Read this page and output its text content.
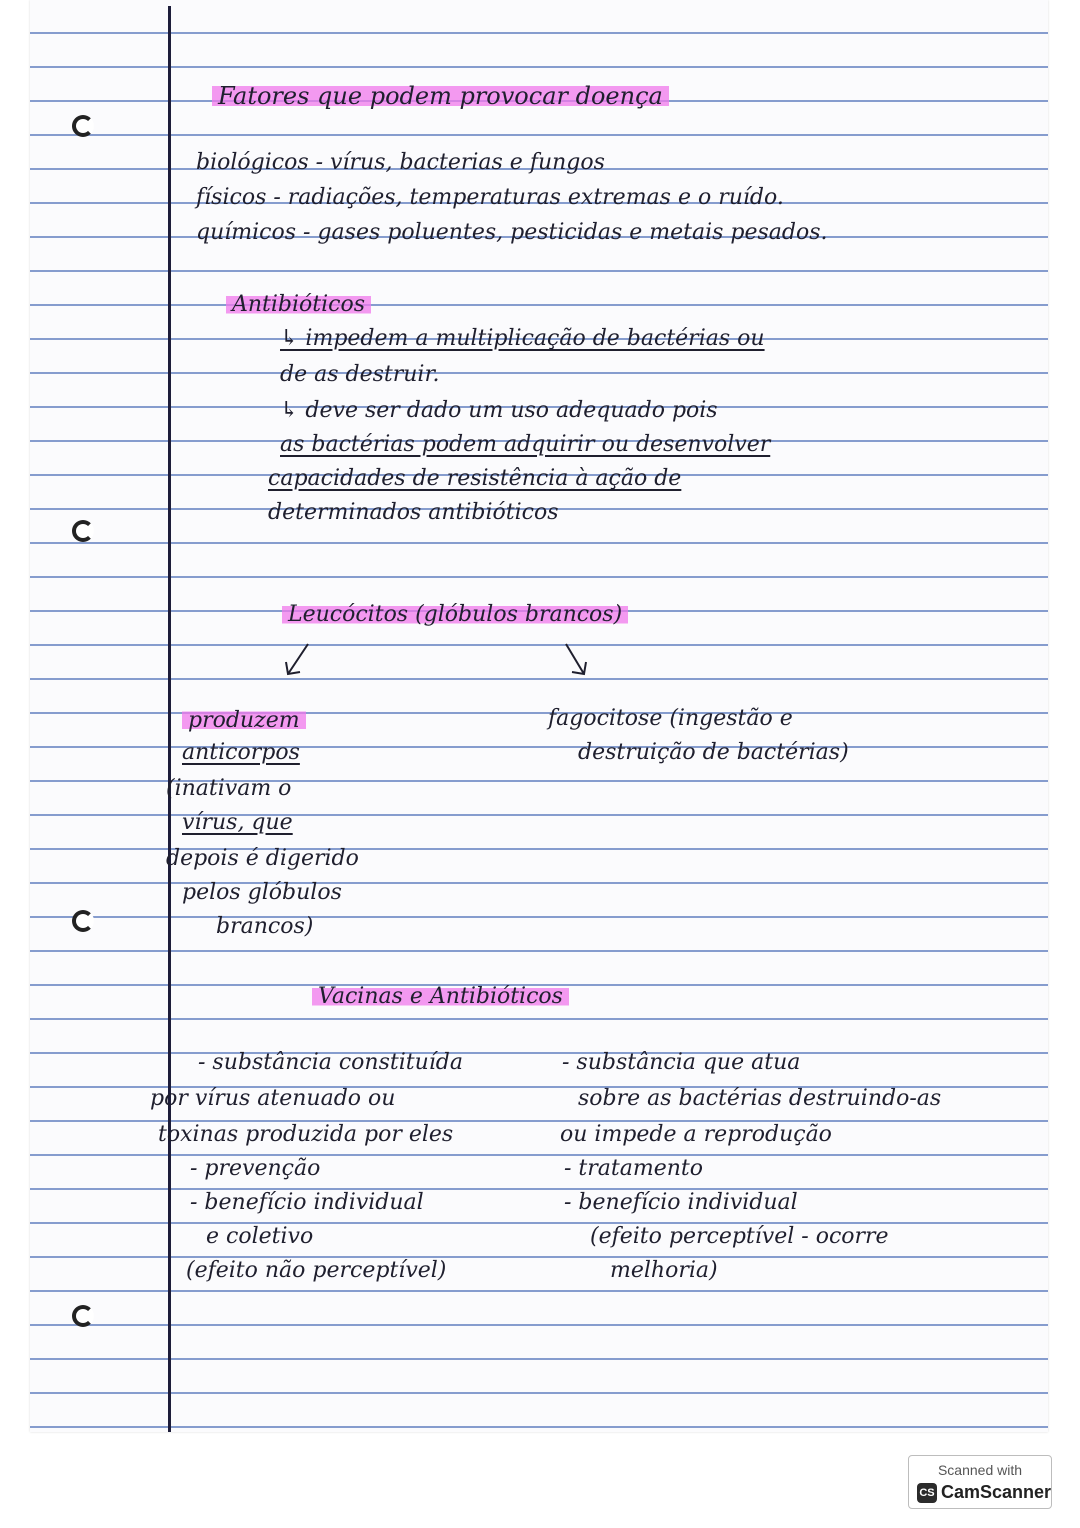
Fatores que podem provocar doença
biológicos - vírus, bacterias e fungos
físicos - radiações, temperaturas extremas e o ruído.
químicos - gases poluentes, pesticidas e metais pesados.
Antibióticos
↳ impedem a multiplicação de bactérias ou
de as destruir.
↳ deve ser dado um uso adequado pois
as bactérias podem adquirir ou desenvolver
capacidades de resistência à ação de
determinados antibióticos
Leucócitos (glóbulos brancos)
produzem
anticorpos
(inativam o
vírus, que
depois é digerido
pelos glóbulos
brancos)
fagocitose (ingestão e
destruição de bactérias)
Vacinas e Antibióticos
- substância constituída
por vírus atenuado ou
toxinas produzida por eles
- prevenção
- benefício individual
e coletivo
(efeito não perceptível)
- substância que atua
sobre as bactérias destruindo-as
ou impede a reprodução
- tratamento
- benefício individual
(efeito perceptível - ocorre
melhoria)
Scanned with
CS CamScanner
